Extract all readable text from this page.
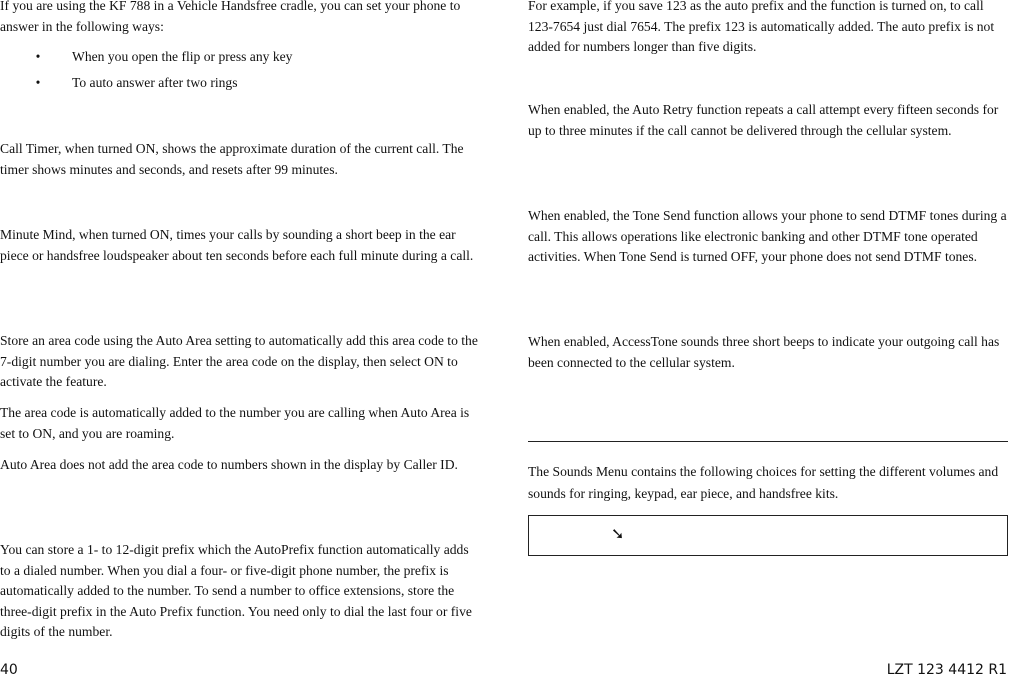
If you are using the KF 788 in a Vehicle Handsfree cradle, you can set your phone to answer in the following ways:

• When you open the flip or press any key
• To auto answer after two rings

Call Timer, when turned ON, shows the approximate duration of the current call. The timer shows minutes and seconds, and resets after 99 minutes.

Minute Mind, when turned ON, times your calls by sounding a short beep in the ear piece or handsfree loudspeaker about ten seconds before each full minute during a call.

Store an area code using the Auto Area setting to automatically add this area code to the 7-digit number you are dialing. Enter the area code on the display, then select ON to activate the feature.

The area code is automatically added to the number you are calling when Auto Area is set to ON, and you are roaming.

Auto Area does not add the area code to numbers shown in the display by Caller ID.

You can store a 1- to 12-digit prefix which the AutoPrefix function automatically adds to a dialed number. When you dial a four- or five-digit phone number, the prefix is automatically added to the number. To send a number to office extensions, store the three-digit prefix in the Auto Prefix function. You need only to dial the last four or five digits of the number.

For example, if you save 123 as the auto prefix and the function is turned on, to call 123-7654 just dial 7654. The prefix 123 is automatically added. The auto prefix is not added for numbers longer than five digits.

When enabled, the Auto Retry function repeats a call attempt every fifteen seconds for up to three minutes if the call cannot be delivered through the cellular system.

When enabled, the Tone Send function allows your phone to send DTMF tones during a call. This allows operations like electronic banking and other DTMF tone operated activities. When Tone Send is turned OFF, your phone does not send DTMF tones.

When enabled, AccessTone sounds three short beeps to indicate your outgoing call has been connected to the cellular system.

The Sounds Menu contains the following choices for setting the different volumes and sounds for ringing, keypad, ear piece, and handsfree kits.

➘
40	LZT 123 4412 R1
